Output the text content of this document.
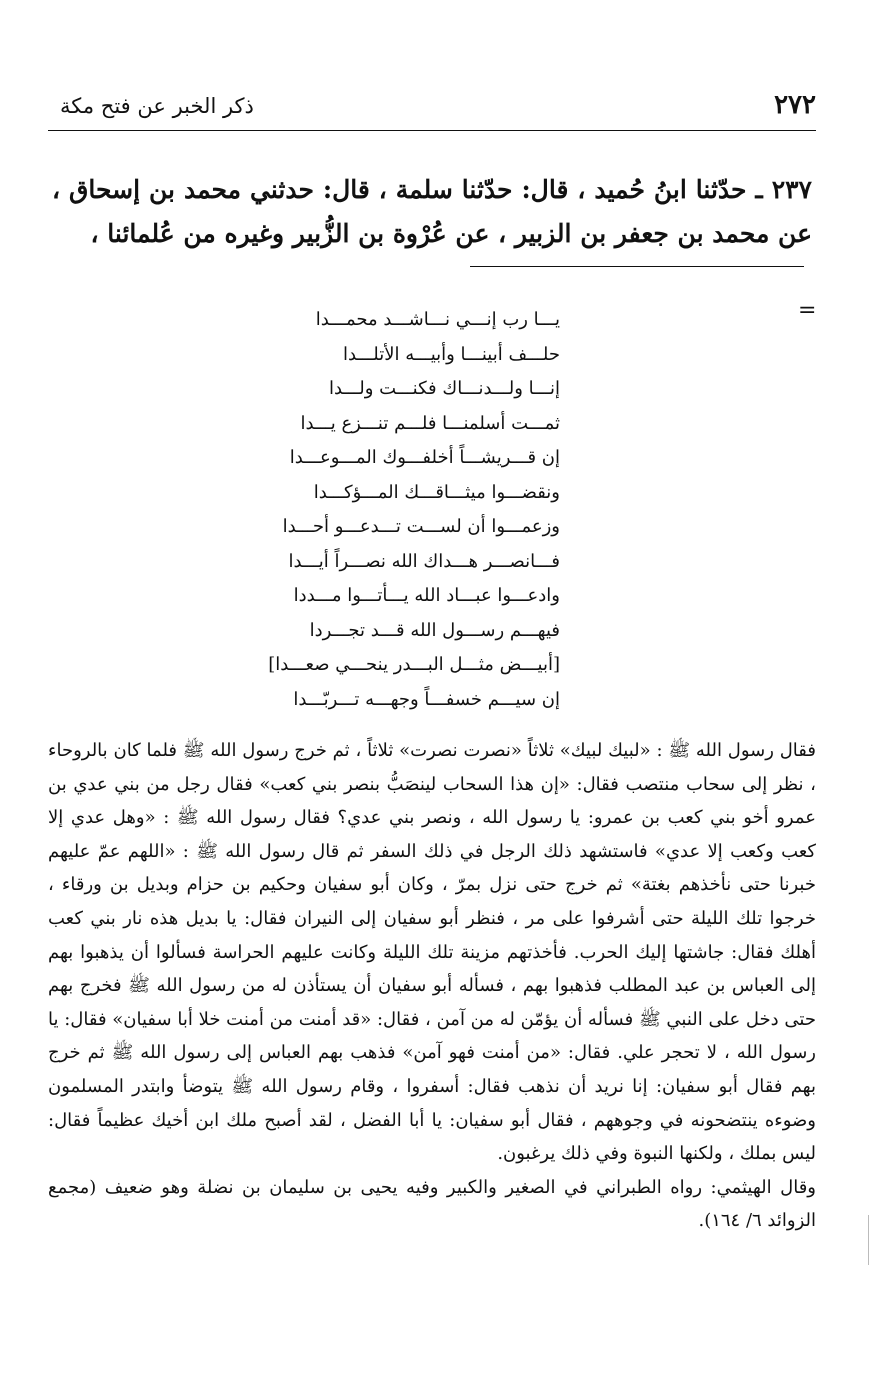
٢٧٢
ذكر الخبر عن فتح مكة
٢٣٧ ـ حدّثنا ابنُ حُميد ، قال: حدّثنا سلمة ، قال: حدثني محمد بن إسحاق ، عن محمد بن جعفر بن الزبير ، عن عُرْوة بن الزُّبير وغيره من عُلمائنا ،
=
يـــا رب إنـــي نـــاشـــد محمـــدا
حلـــف أبينـــا وأبيـــه الأتلـــدا
إنـــا ولـــدنـــاك فكنـــت ولـــدا
ثمـــت أسلمنـــا فلـــم تنـــزع يـــدا
إن قـــريشـــاً أخلفـــوك المـــوعـــدا
ونقضـــوا ميثـــاقـــك المـــؤكـــدا
وزعمـــوا أن لســـت تـــدعـــو أحـــدا
فـــانصـــر هـــداك الله نصـــراً أيـــدا
وادعـــوا عبـــاد الله يـــأتـــوا مـــددا
فيهـــم رســـول الله قـــد تجـــردا
[أبيـــض مثـــل البـــدر ينحـــي صعـــدا]
إن سيـــم خسفـــاً وجهـــه تـــربّـــدا

فقال رسول الله ﷺ : «لبيك لبيك» ثلاثاً «نصرت نصرت» ثلاثاً ، ثم خرج رسول الله ﷺ فلما كان بالروحاء ، نظر إلى سحاب منتصب فقال: «إن هذا السحاب لينصَبُّ بنصر بني كعب» فقال رجل من بني عدي بن عمرو أخو بني كعب بن عمرو: يا رسول الله ، ونصر بني عدي؟ فقال رسول الله ﷺ : «وهل عدي إلا كعب وكعب إلا عدي» فاستشهد ذلك الرجل في ذلك السفر ثم قال رسول الله ﷺ : «اللهم عمّ عليهم خبرنا حتى نأخذهم بغتة» ثم خرج حتى نزل بمرّ ، وكان أبو سفيان وحكيم بن حزام وبديل بن ورقاء ، خرجوا تلك الليلة حتى أشرفوا على مر ، فنظر أبو سفيان إلى النيران فقال: يا بديل هذه نار بني كعب أهلك فقال: جاشتها إليك الحرب. فأخذتهم مزينة تلك الليلة وكانت عليهم الحراسة فسألوا أن يذهبوا بهم إلى العباس بن عبد المطلب فذهبوا بهم ، فسأله أبو سفيان أن يستأذن له من رسول الله ﷺ فخرج بهم حتى دخل على النبي ﷺ فسأله أن يؤمّن له من آمن ، فقال: «قد أمنت من أمنت خلا أبا سفيان» فقال: يا رسول الله ، لا تحجر علي. فقال: «من أمنت فهو آمن» فذهب بهم العباس إلى رسول الله ﷺ ثم خرج بهم فقال أبو سفيان: إنا نريد أن نذهب فقال: أسفروا ، وقام رسول الله ﷺ يتوضأ وابتدر المسلمون وضوءه ينتضحونه في وجوههم ، فقال أبو سفيان: يا أبا الفضل ، لقد أصبح ملك ابن أخيك عظيماً فقال: ليس بملك ، ولكنها النبوة وفي ذلك يرغبون.

وقال الهيثمي: رواه الطبراني في الصغير والكبير وفيه يحيى بن سليمان بن نضلة وهو ضعيف (مجمع الزوائد ٦/ ١٦٤).
